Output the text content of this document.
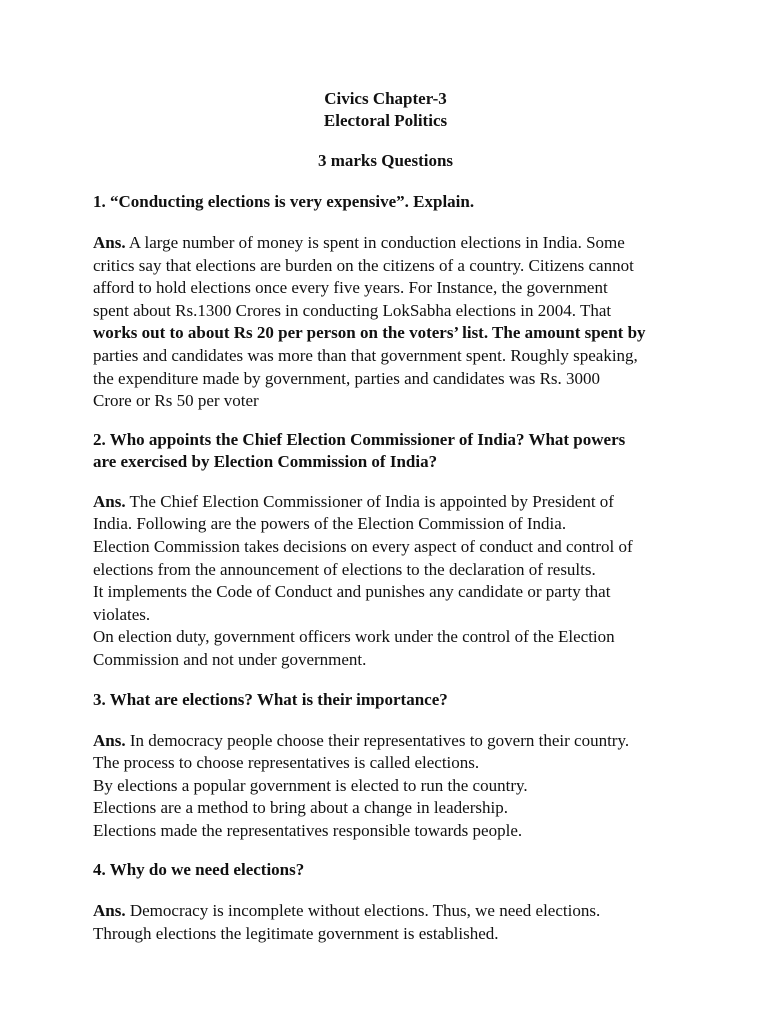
Civics Chapter-3

Electoral Politics

3 marks Questions

1. “Conducting elections is very expensive”. Explain.

Ans. A large number of money is spent in conduction elections in India. Some
critics say that elections are burden on the citizens of a country. Citizens cannot
afford to hold elections once every five years. For Instance, the government
spent about Rs.1300 Crores in conducting LokSabha elections in 2004. That
works out to about Rs 20 per person on the voters’ list. The amount spent by
parties and candidates was more than that government spent. Roughly speaking,
the expenditure made by government, parties and candidates was Rs. 3000
Crore or Rs 50 per voter
2. Who appoints the Chief Election Commissioner of India? What powers
are exercised by Election Commission of India?
Ans. The Chief Election Commissioner of India is appointed by President of
India. Following are the powers of the Election Commission of India.
Election Commission takes decisions on every aspect of conduct and control of
elections from the announcement of elections to the declaration of results.
It implements the Code of Conduct and punishes any candidate or party that
violates.
On election duty, government officers work under the control of the Election
Commission and not under government.

3. What are elections? What is their importance?

Ans. In democracy people choose their representatives to govern their country.
The process to choose representatives is called elections.
By elections a popular government is elected to run the country.
Elections are a method to bring about a change in leadership.
Elections made the representatives responsible towards people.

4. Why do we need elections?

Ans. Democracy is incomplete without elections. Thus, we need elections.
Through elections the legitimate government is established.
